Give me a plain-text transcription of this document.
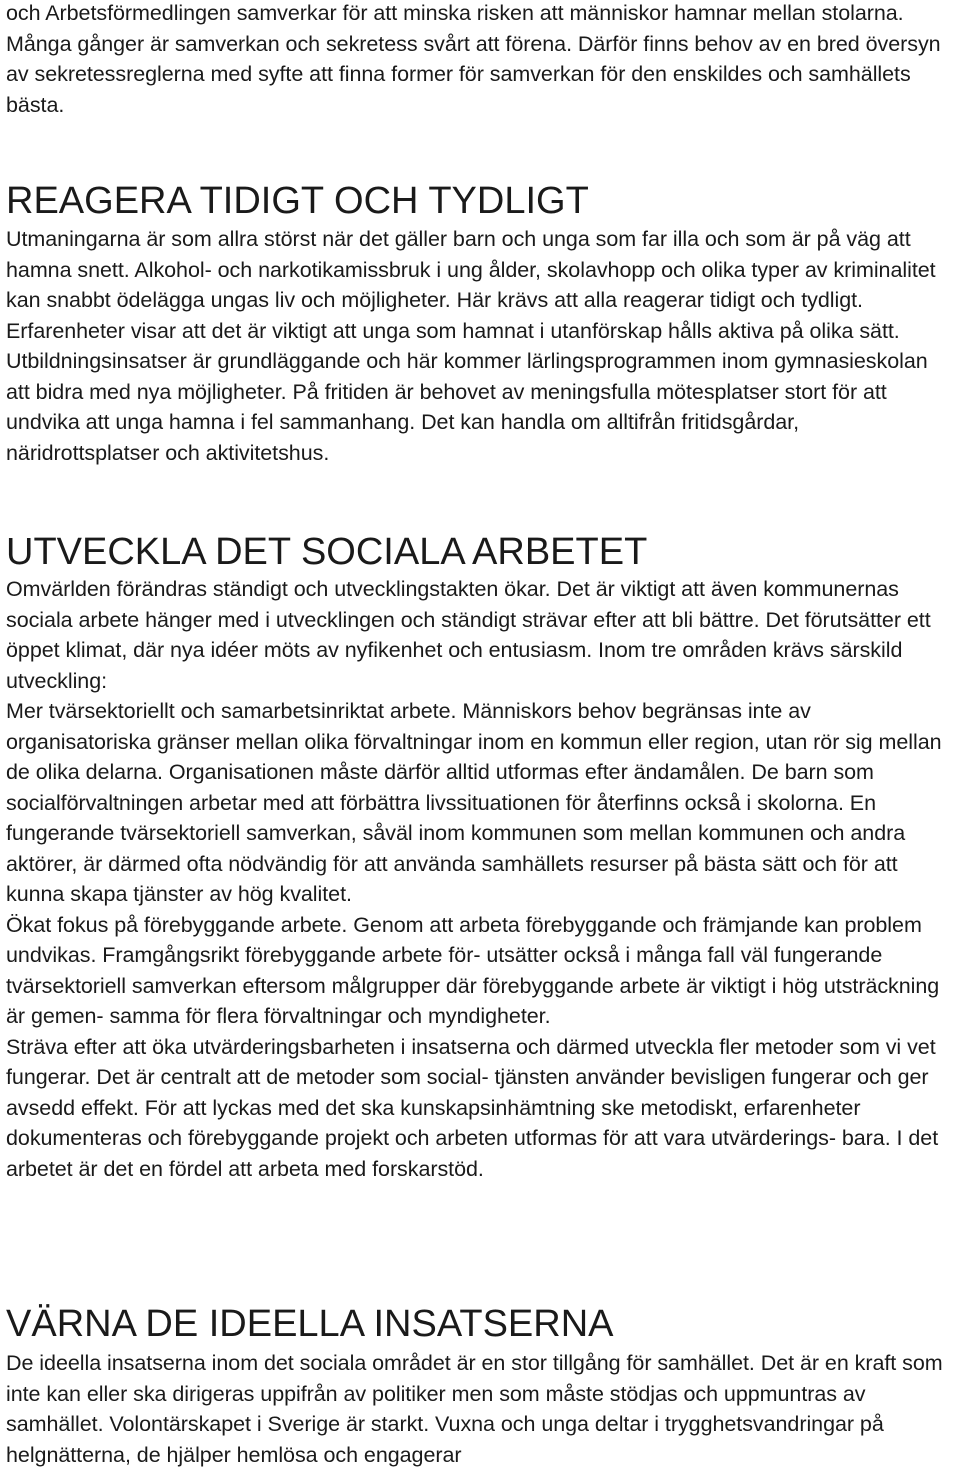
och Arbetsförmedlingen samverkar för att minska risken att människor hamnar mellan stolarna.

Många gånger är samverkan och sekretess svårt att förena. Därför finns behov av en bred översyn av sekretessreglerna med syfte att finna former för samverkan för den enskildes och samhällets bästa.

REAGERA TIDIGT OCH TYDLIGT

Utmaningarna är som allra störst när det gäller barn och unga som far illa och som är på väg att hamna snett. Alkohol- och narkotikamissbruk i ung ålder, skolavhopp och olika typer av kriminalitet kan snabbt ödelägga ungas liv och möjligheter. Här krävs att alla reagerar tidigt och tydligt. Erfarenheter visar att det är viktigt att unga som hamnat i utanförskap hålls aktiva på olika sätt. Utbildningsinsatser är grundläggande och här kommer lärlingsprogrammen inom gymnasieskolan att bidra med nya möjligheter. På fritiden är behovet av meningsfulla mötesplatser stort för att undvika att unga hamna i fel sammanhang. Det kan handla om alltifrån fritidsgårdar, näridrottsplatser och aktivitetshus.

UTVECKLA DET SOCIALA ARBETET

Omvärlden förändras ständigt och utvecklingstakten ökar. Det är viktigt att även kommunernas sociala arbete hänger med i utvecklingen och ständigt strävar efter att bli bättre. Det förutsätter ett öppet klimat, där nya idéer möts av nyfikenhet och entusiasm. Inom tre områden krävs särskild utveckling:

Mer tvärsektoriellt och samarbetsinriktat arbete. Människors behov begränsas inte av organisatoriska gränser mellan olika förvaltningar inom en kommun eller region, utan rör sig mellan de olika delarna. Organisationen måste därför alltid utformas efter ändamålen. De barn som socialförvaltningen arbetar med att förbättra livssituationen för återfinns också i skolorna. En fungerande tvärsektoriell samverkan, såväl inom kommunen som mellan kommunen och andra aktörer, är därmed ofta nödvändig för att använda samhällets resurser på bästa sätt och för att kunna skapa tjänster av hög kvalitet.

Ökat fokus på förebyggande arbete. Genom att arbeta förebyggande och främjande kan problem undvikas. Framgångsrikt förebyggande arbete för- utsätter också i många fall väl fungerande tvärsektoriell samverkan eftersom målgrupper där förebyggande arbete är viktigt i hög utsträckning är gemen- samma för flera förvaltningar och myndigheter.

Sträva efter att öka utvärderingsbarheten i insatserna och därmed utveckla fler metoder som vi vet fungerar. Det är centralt att de metoder som social- tjänsten använder bevisligen fungerar och ger avsedd effekt. För att lyckas med det ska kunskapsinhämtning ske metodiskt, erfarenheter dokumenteras och förebyggande projekt och arbeten utformas för att vara utvärderings- bara. I det arbetet är det en fördel att arbeta med forskarstöd.

VÄRNA DE IDEELLA INSATSERNA

De ideella insatserna inom det sociala området är en stor tillgång för samhället. Det är en kraft som inte kan eller ska dirigeras uppifrån av politiker men som måste stödjas och uppmuntras av samhället. Volontärskapet i Sverige är starkt. Vuxna och unga deltar i trygghetsvandringar på helgnätterna, de hjälper hemlösa och engagerar
